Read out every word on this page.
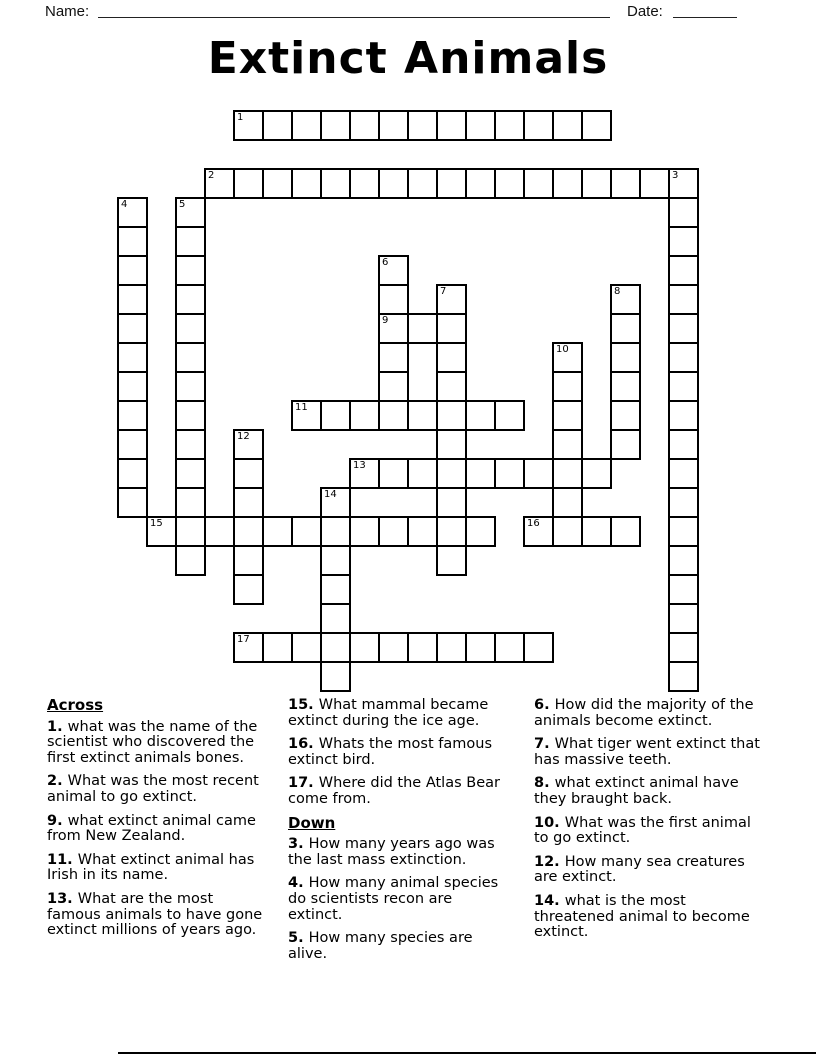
Name:	Date:
Extinct Animals
1
2	3
4	5
6
7	8
9
10
11
12
13
14
15	16
17
Across
1. what was the name of the scientist who discovered the first extinct animals bones.
2. What was the most recent animal to go extinct.
9. what extinct animal came from New Zealand.
11. What extinct animal has Irish in its name.
13. What are the most famous animals to have gone extinct millions of years ago.
15. What mammal became extinct during the ice age.
16. Whats the most famous extinct bird.
17. Where did the Atlas Bear come from.
Down
3. How many years ago was the last mass extinction.
4. How many animal species do scientists recon are extinct.
5. How many species are alive.
6. How did the majority of the animals become extinct.
7. What tiger went extinct that has massive teeth.
8. what extinct animal have they braught back.
10. What was the first animal to go extinct.
12. How many sea creatures are extinct.
14. what is the most threatened animal to become extinct.
